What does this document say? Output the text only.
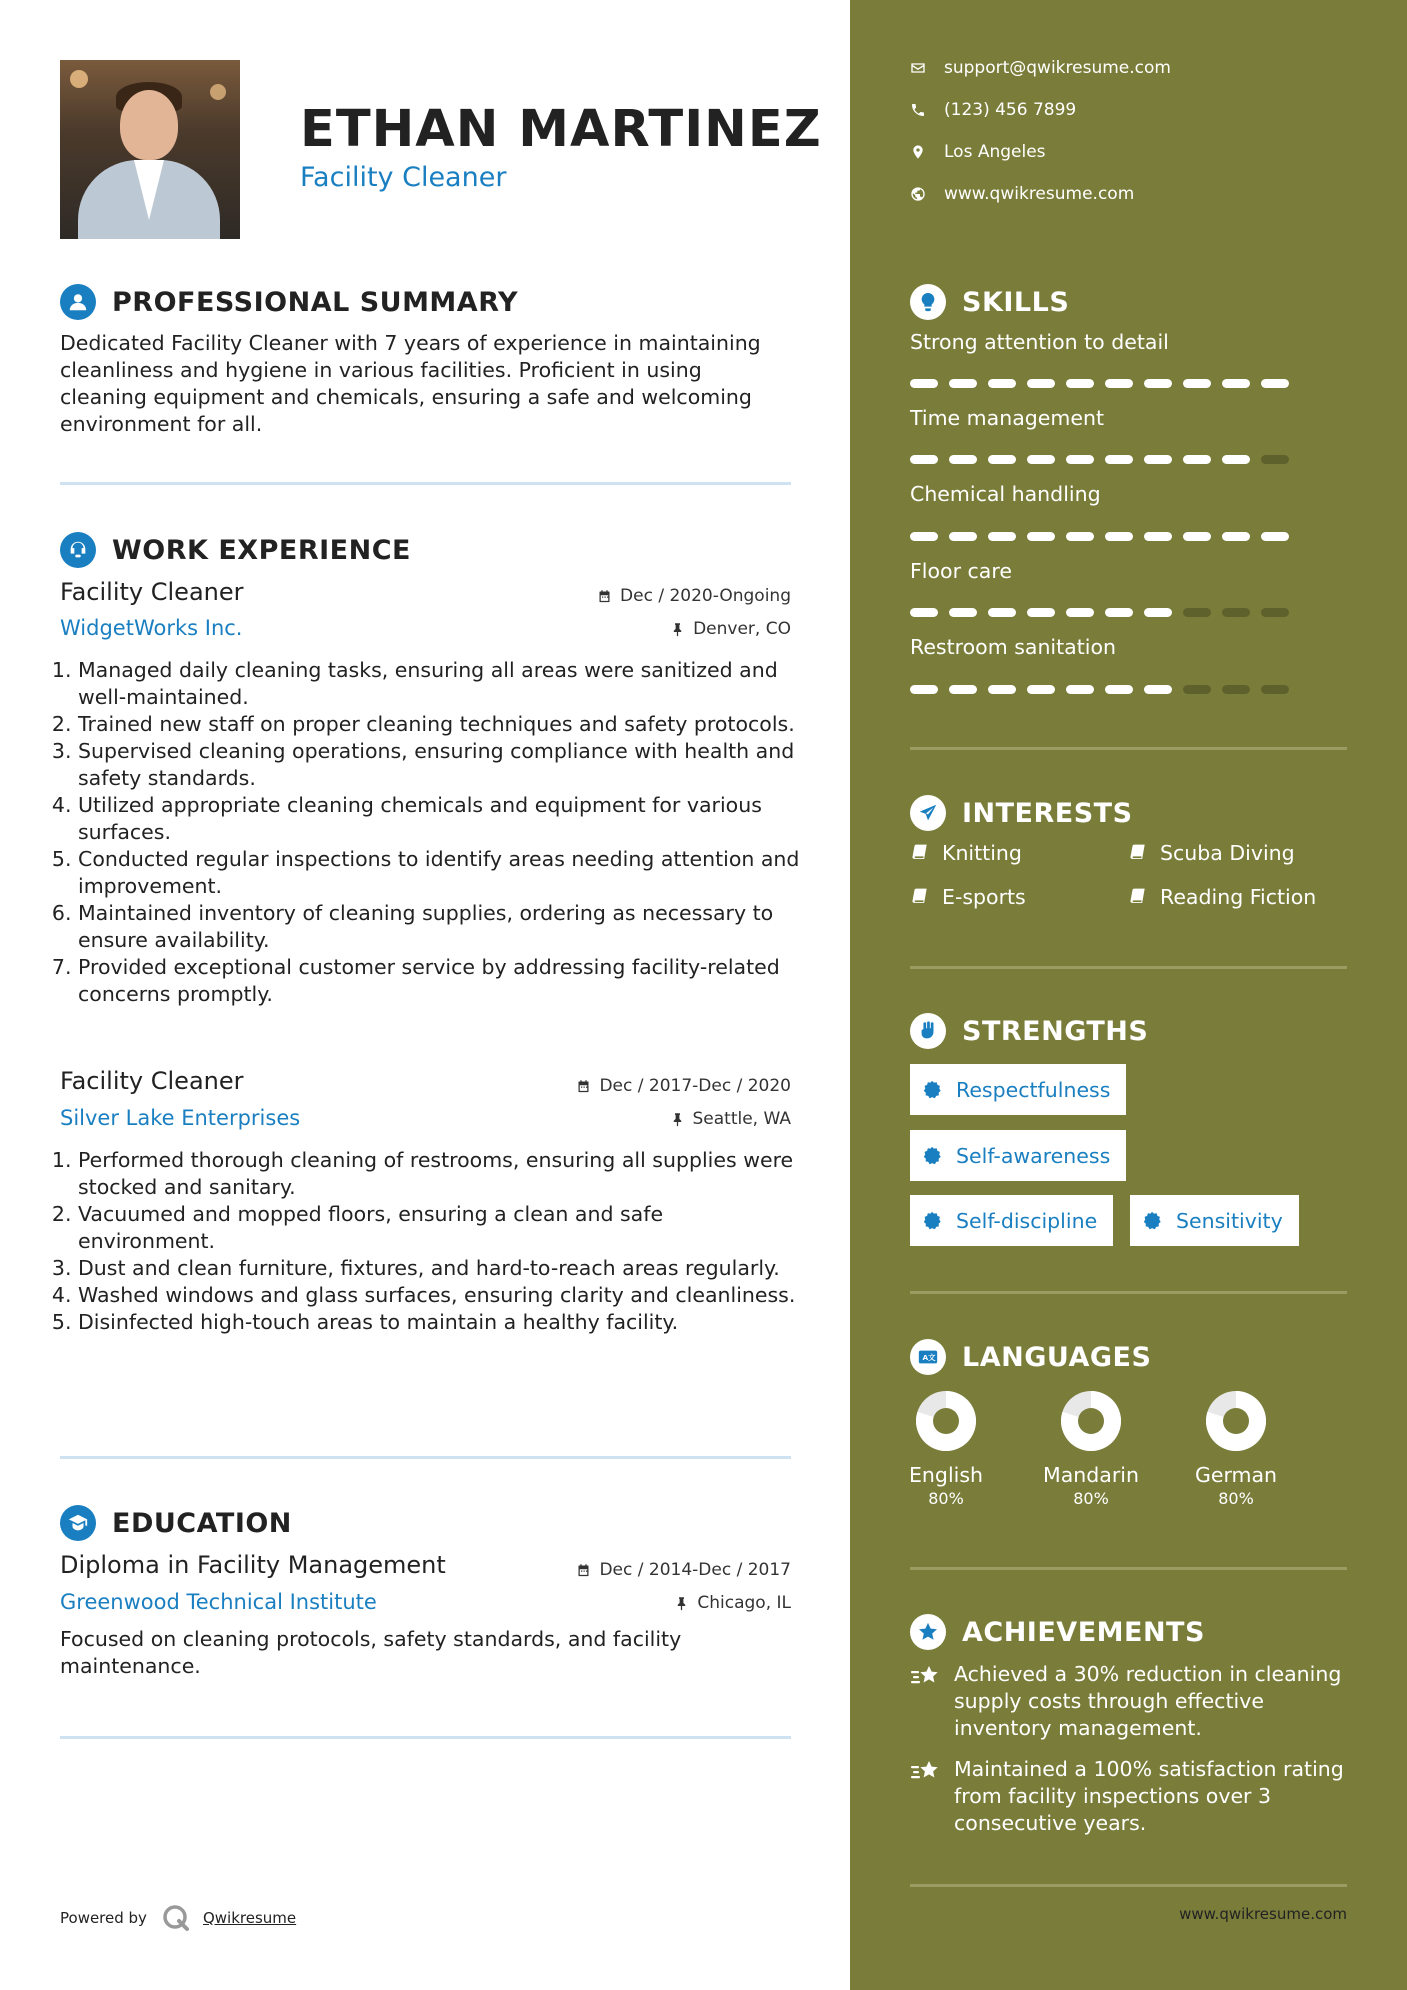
ETHAN MARTINEZ
Facility Cleaner
PROFESSIONAL SUMMARY
Dedicated Facility Cleaner with 7 years of experience in maintaining cleanliness and hygiene in various facilities. Proficient in using cleaning equipment and chemicals, ensuring a safe and welcoming environment for all.
WORK EXPERIENCE
Facility Cleaner
WidgetWorks Inc.
Dec / 2020-Ongoing
Denver, CO
1. Managed daily cleaning tasks, ensuring all areas were sanitized and well-maintained.
2. Trained new staff on proper cleaning techniques and safety protocols.
3. Supervised cleaning operations, ensuring compliance with health and safety standards.
4. Utilized appropriate cleaning chemicals and equipment for various surfaces.
5. Conducted regular inspections to identify areas needing attention and improvement.
6. Maintained inventory of cleaning supplies, ordering as necessary to ensure availability.
7. Provided exceptional customer service by addressing facility-related concerns promptly.
Facility Cleaner
Silver Lake Enterprises
Dec / 2017-Dec / 2020
Seattle, WA
1. Performed thorough cleaning of restrooms, ensuring all supplies were stocked and sanitary.
2. Vacuumed and mopped floors, ensuring a clean and safe environment.
3. Dust and clean furniture, fixtures, and hard-to-reach areas regularly.
4. Washed windows and glass surfaces, ensuring clarity and cleanliness.
5. Disinfected high-touch areas to maintain a healthy facility.
EDUCATION
Diploma in Facility Management
Greenwood Technical Institute
Dec / 2014-Dec / 2017
Chicago, IL
Focused on cleaning protocols, safety standards, and facility maintenance.
Powered by	Qwikresume
support@qwikresume.com
(123) 456 7899
Los Angeles
www.qwikresume.com
SKILLS
Strong attention to detail
Time management
Chemical handling
Floor care
Restroom sanitation
INTERESTS
Knitting	Scuba Diving
E-sports	Reading Fiction
STRENGTHS
Respectfulness
Self-awareness
Self-discipline	Sensitivity
A文 LANGUAGES
English
80%
Mandarin
80%
German
80%
ACHIEVEMENTS
Achieved a 30% reduction in cleaning supply costs through effective inventory management.
Maintained a 100% satisfaction rating from facility inspections over 3 consecutive years.
www.qwikresume.com
